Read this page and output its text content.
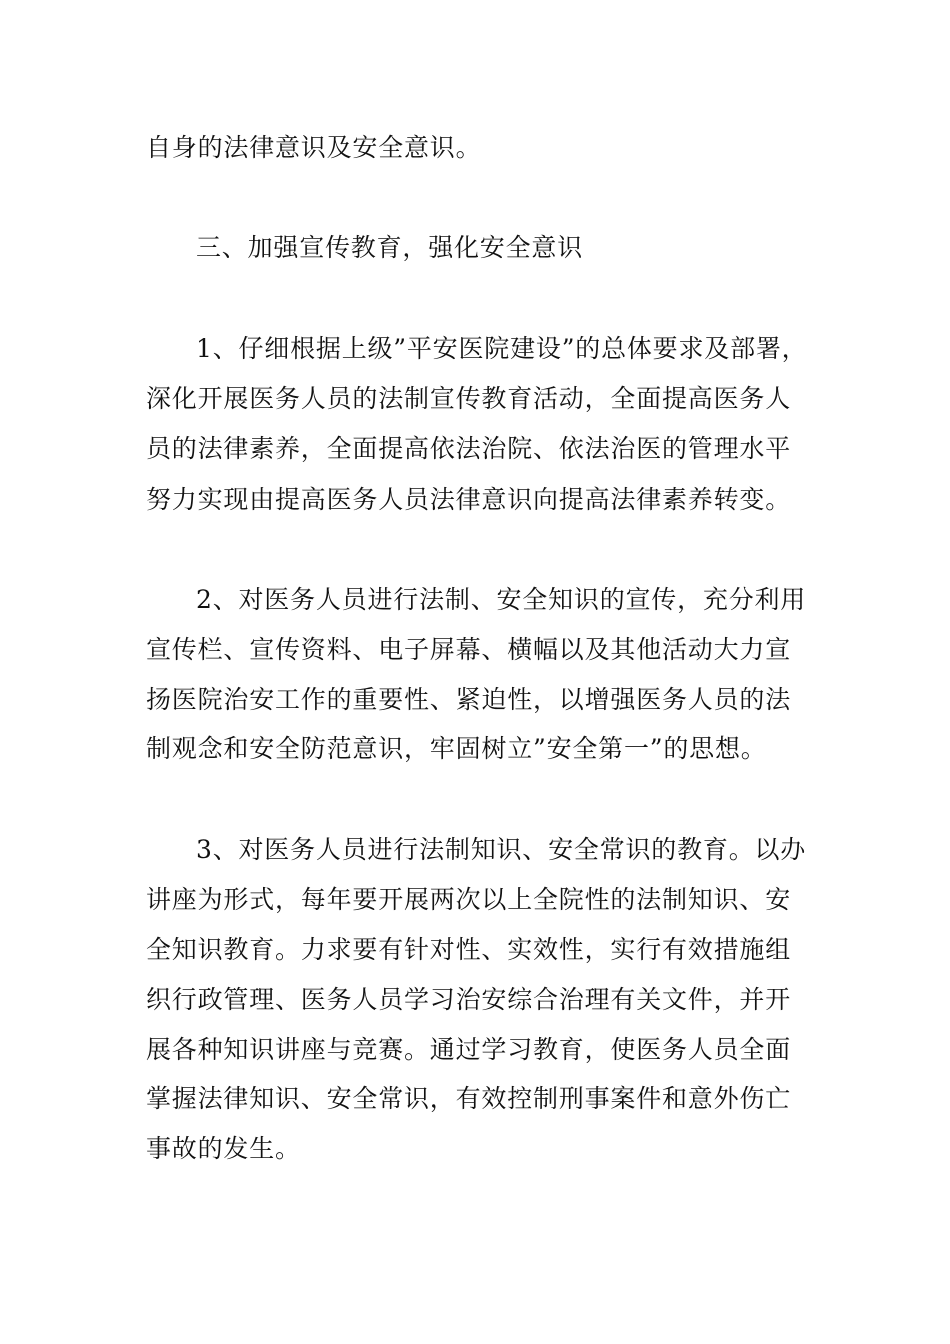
自身的法律意识及安全意识。
三、加强宣传教育，强化安全意识
1、仔细根据上级”平安医院建设”的总体要求及部署，
深化开展医务人员的法制宣传教育活动，全面提高医务人
员的法律素养，全面提高依法治院、依法治医的管理水平
努力实现由提高医务人员法律意识向提高法律素养转变。
2、对医务人员进行法制、安全知识的宣传，充分利用
宣传栏、宣传资料、电子屏幕、横幅以及其他活动大力宣
扬医院治安工作的重要性、紧迫性，以增强医务人员的法
制观念和安全防范意识，牢固树立”安全第一”的思想。
3、对医务人员进行法制知识、安全常识的教育。以办
讲座为形式，每年要开展两次以上全院性的法制知识、安
全知识教育。力求要有针对性、实效性，实行有效措施组
织行政管理、医务人员学习治安综合治理有关文件，并开
展各种知识讲座与竞赛。通过学习教育，使医务人员全面
掌握法律知识、安全常识，有效控制刑事案件和意外伤亡
事故的发生。
